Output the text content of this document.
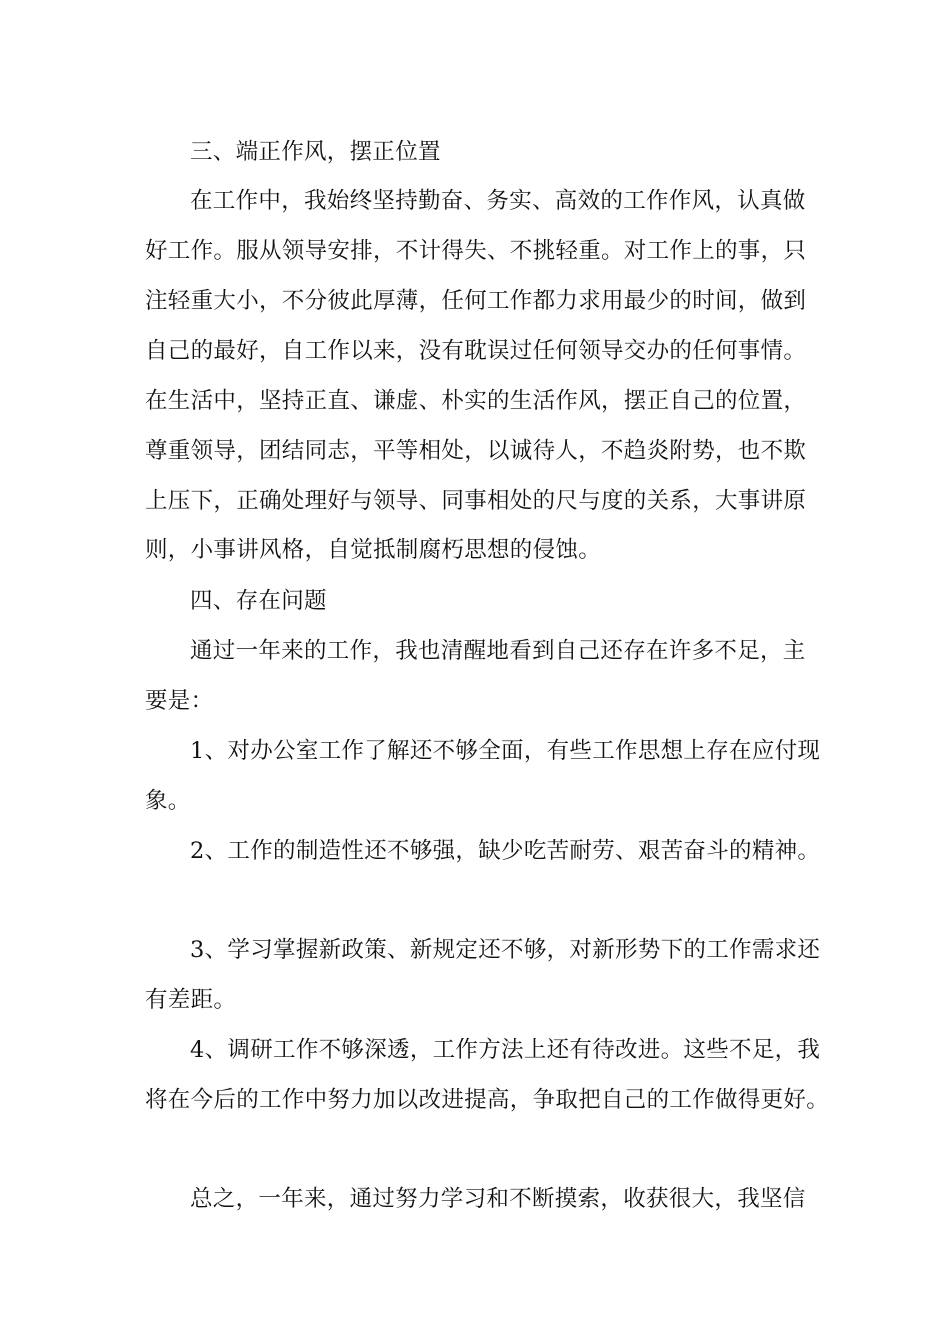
三、端正作风，摆正位置
在工作中，我始终坚持勤奋、务实、高效的工作作风，认真做
好工作。服从领导安排，不计得失、不挑轻重。对工作上的事，只
注轻重大小，不分彼此厚薄，任何工作都力求用最少的时间，做到
自己的最好，自工作以来，没有耽误过任何领导交办的任何事情。
在生活中，坚持正直、谦虚、朴实的生活作风，摆正自己的位置，
尊重领导，团结同志，平等相处，以诚待人，不趋炎附势，也不欺
上压下，正确处理好与领导、同事相处的尺与度的关系，大事讲原
则，小事讲风格，自觉抵制腐朽思想的侵蚀。
四、存在问题
通过一年来的工作，我也清醒地看到自己还存在许多不足，主
要是：
1、对办公室工作了解还不够全面，有些工作思想上存在应付现
象。
2、工作的制造性还不够强，缺少吃苦耐劳、艰苦奋斗的精神。
3、学习掌握新政策、新规定还不够，对新形势下的工作需求还
有差距。
4、调研工作不够深透，工作方法上还有待改进。这些不足，我
将在今后的工作中努力加以改进提高，争取把自己的工作做得更好。
总之，一年来，通过努力学习和不断摸索，收获很大，我坚信
